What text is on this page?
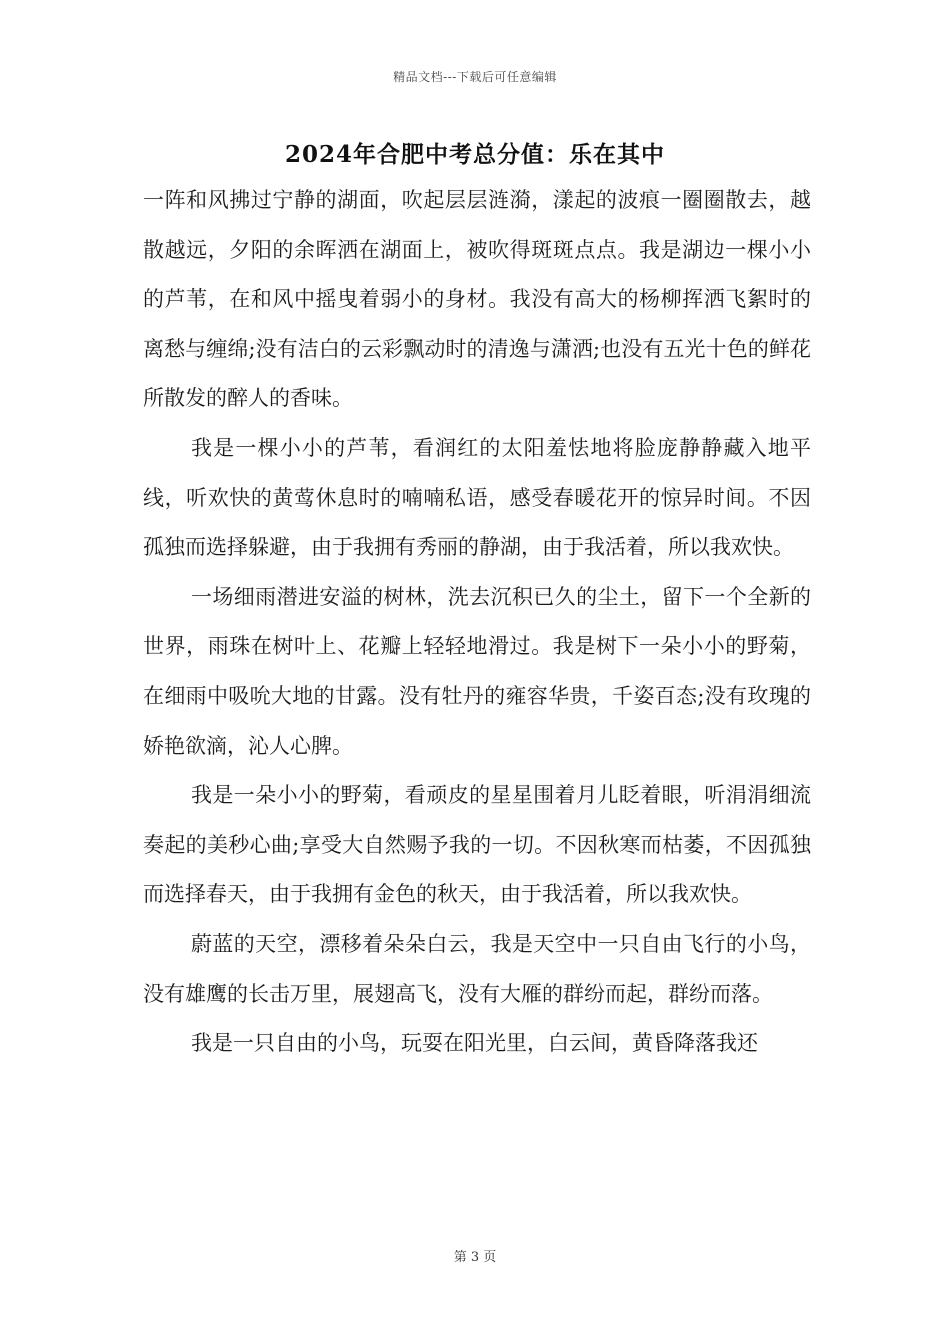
精品文档---下载后可任意编辑
2024年合肥中考总分值：乐在其中

一阵和风拂过宁静的湖面，吹起层层涟漪，漾起的波痕一圈圈散去，越散越远，夕阳的余晖洒在湖面上，被吹得斑斑点点。我是湖边一棵小小的芦苇，在和风中摇曳着弱小的身材。我没有高大的杨柳挥洒飞絮时的离愁与缠绵;没有洁白的云彩飘动时的清逸与潇洒;也没有五光十色的鲜花所散发的醉人的香味。

我是一棵小小的芦苇，看润红的太阳羞怯地将脸庞静静藏入地平线，听欢快的黄莺休息时的喃喃私语，感受春暖花开的惊异时间。不因孤独而选择躲避，由于我拥有秀丽的静湖，由于我活着，所以我欢快。

一场细雨潜进安溢的树林，洗去沉积已久的尘土，留下一个全新的世界，雨珠在树叶上、花瓣上轻轻地滑过。我是树下一朵小小的野菊，在细雨中吸吮大地的甘露。没有牡丹的雍容华贵，千姿百态;没有玫瑰的娇艳欲滴，沁人心脾。

我是一朵小小的野菊，看顽皮的星星围着月儿眨着眼，听涓涓细流奏起的美秒心曲;享受大自然赐予我的一切。不因秋寒而枯萎，不因孤独而选择春天，由于我拥有金色的秋天，由于我活着，所以我欢快。

蔚蓝的天空，漂移着朵朵白云，我是天空中一只自由飞行的小鸟，没有雄鹰的长击万里，展翅高飞，没有大雁的群纷而起，群纷而落。

我是一只自由的小鸟，玩耍在阳光里，白云间，黄昏降落我还

第 3 页
